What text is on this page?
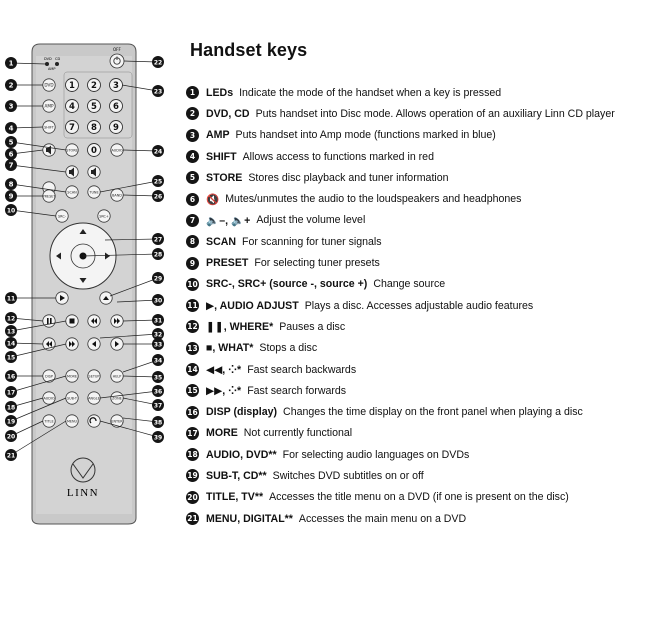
DVD CD
AMP
OFF
DVD
AMP
SHIFT
1 2 3
4 5 6
7 8 9
STORE 0	AUDIO
SCAN	TUNE
BAND
PRESET
SRC-	SRC+
DISP	MORE	SETUP	HELP
AUDIO	SUB-T	ANGLE	ZONE
TITLE	MENU	ENTER
LINN
1
2
3
4
5
6
7
8
9
10
11
12
13
14
15
16
17
18
19
20
21
22
23
24
25
26
27
28
29
30
31
32
33
34
35
36
37
38
39
Handset keys
1	LEDs Indicate the mode of the handset when a key is pressed
2	DVD, CD Puts handset into Disc mode. Allows operation of an auxiliary Linn CD player
3	AMP Puts handset into Amp mode (functions marked in blue)
4	SHIFT Allows access to functions marked in red
5	STORE Stores disc playback and tuner information
6	🔇 Mutes/unmutes the audio to the loudspeakers and headphones
7	🔈–, 🔈+ Adjust the volume level
8	SCAN For scanning for tuner signals
9	PRESET For selecting tuner presets
10 SRC-, SRC+ (source -, source +) Change source
11 ▶, AUDIO ADJUST Plays a disc. Accesses adjustable audio features
12 ❚❚, WHERE* Pauses a disc
13 ■, WHAT* Stops a disc
14 ◀◀, ⁘* Fast search backwards
15 ▶▶, ⁘* Fast search forwards
16 DISP (display) Changes the time display on the front panel when playing a disc
17 MORE Not currently functional
18 AUDIO, DVD** For selecting audio languages on DVDs
19 SUB-T, CD** Switches DVD subtitles on or off
20 TITLE, TV** Accesses the title menu on a DVD (if one is present on the disc)
21 MENU, DIGITAL** Accesses the main menu on a DVD
